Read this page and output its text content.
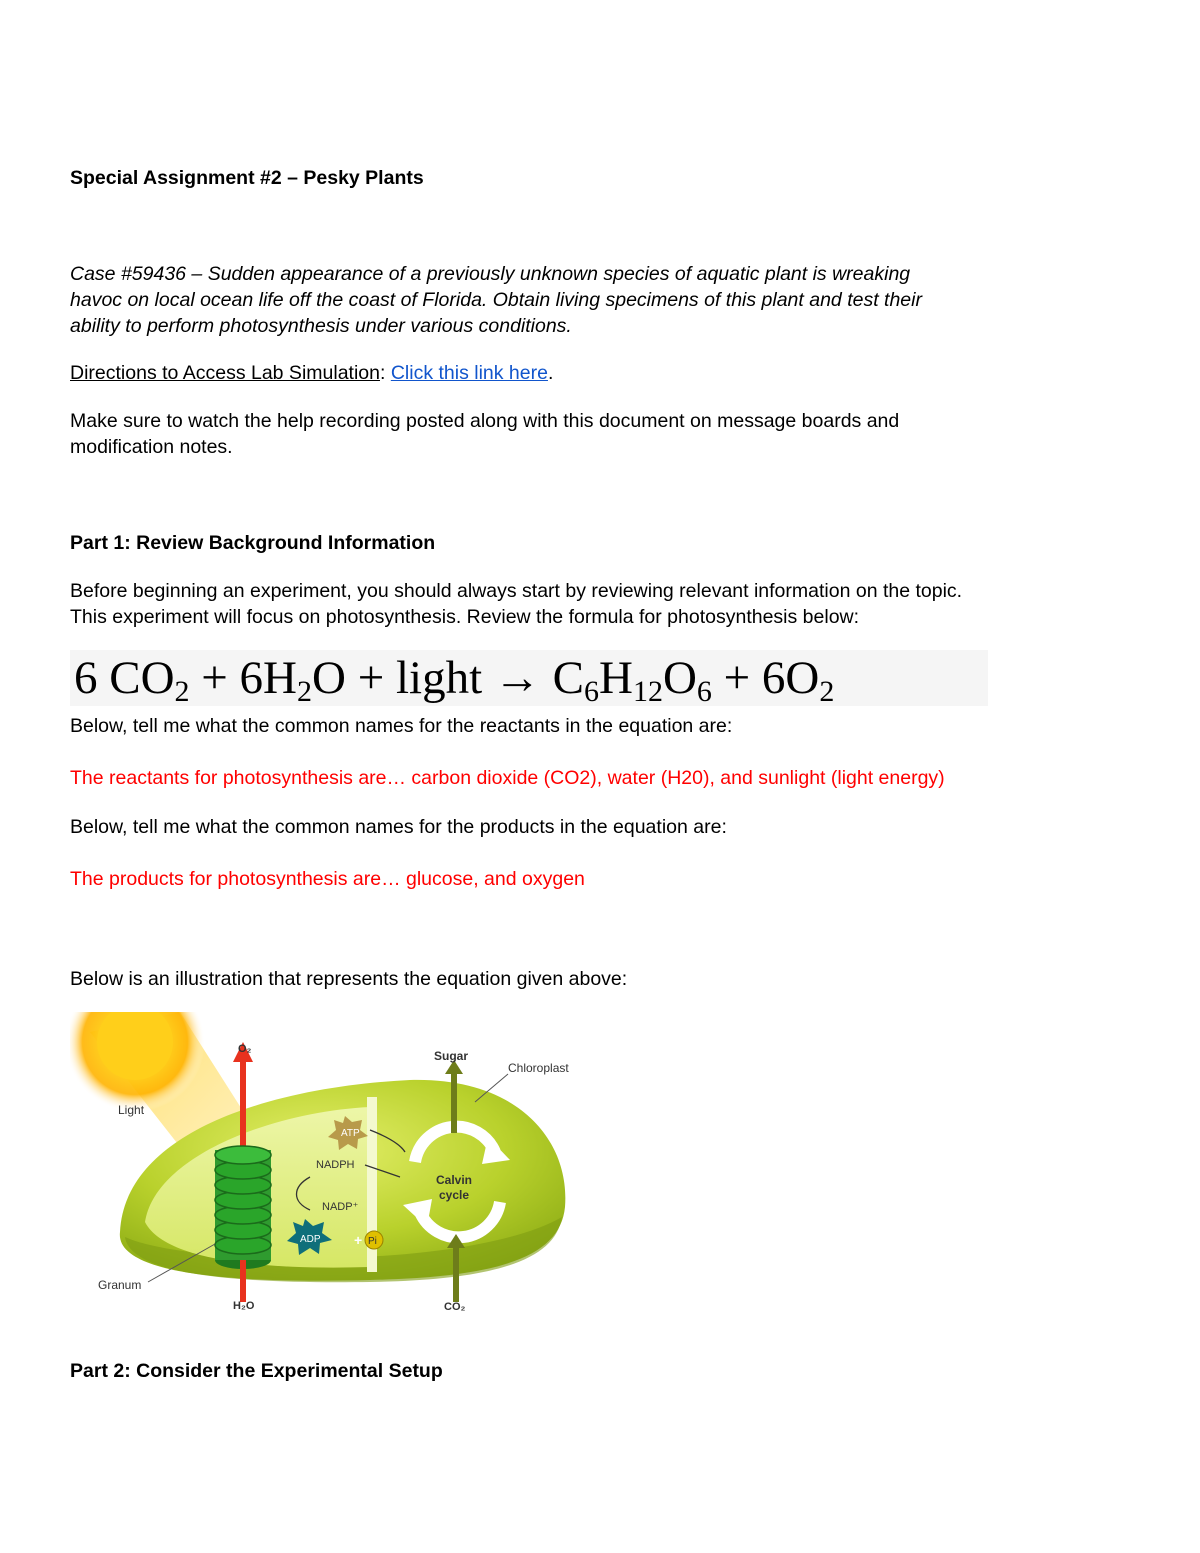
Special Assignment #2 – Pesky Plants
Case #59436 – Sudden appearance of a previously unknown species of aquatic plant is wreaking
havoc on local ocean life off the coast of Florida. Obtain living specimens of this plant and test their
ability to perform photosynthesis under various conditions.
Directions to Access Lab Simulation: Click this link here.
Make sure to watch the help recording posted along with this document on message boards and
modification notes.
Part 1: Review Background Information
Before beginning an experiment, you should always start by reviewing relevant information on the topic.
This experiment will focus on photosynthesis. Review the formula for photosynthesis below:
6 $CO_2 + 6H_2O$ + light → $C_6H_{12}O_6 + 6O_2$
Below, tell me what the common names for the reactants in the equation are:
The reactants for photosynthesis are… carbon dioxide (CO2), water (H20), and sunlight (light energy)
Below, tell me what the common names for the products in the equation are:
The products for photosynthesis are… glucose, and oxygen
Below is an illustration that represents the equation given above:
Calvin
cycle
O₂
ATP
NADPH
NADP⁺
ADP + Pi
Sugar
CO₂
Light
Chloroplast
Granum
H₂O
Part 2: Consider the Experimental Setup
